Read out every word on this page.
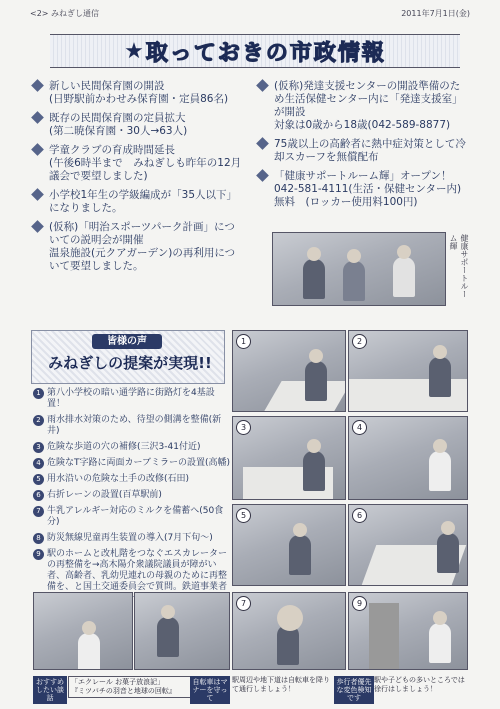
<2> みねぎし通信	2011年7月1日(金)
★ 取っておきの市政情報
新しい民間保育園の開設
(日野駅前かわせみ保育園・定員86名)
既存の民間保育園の定員拡大
(第二暁保育園・30人→63人)
学童クラブの育成時間延長
(午後6時半まで　みねぎしも昨年の12月議会で要望しました)
小学校1年生の学級編成が「35人以下」になりました。
(仮称)「明治スポーツパーク計画」についての説明会が開催
温泉施設(元クアガーデン)の再利用について要望しました。
(仮称)発達支援センターの開設準備のため生活保健センター内に「発達支援室」が開設
対象は0歳から18歳(042-589-8877)
75歳以上の高齢者に熱中症対策として冷却スカーフを無償配布
「健康サポートルーム輝」オープン！
042-581-4111(生活・保健センター内)無料　(ロッカー使用料100円)
健康サポートルーム輝
皆様の声
みねぎしの提案が実現!!
1 第八小学校の暗い通学路に街路灯を4基設置！
2 雨水排水対策のため、待望の側溝を整備(新井)
3 危険な歩道の穴の補修(三沢3-41付近)
4 危険なT字路に両面カーブミラーの設置(高幡)
5 用水沿いの危険な土手の改修(石田)
6 右折レーンの設置(百草駅前)
7 牛乳アレルギー対応のミルクを備蓄へ(50食分)
8 防災無線児童再生装置の導入(7月下旬～)
9 駅のホームと改札階をつなぐエスカレーターの再整備を→高木陽介衆議院議員が障がい者、高齢者、乳幼児連れの母親のために再整備を、と国土交通委員会で質問。鉄道事業者
1	2
3	4
5	6
7	9
おすすめしたい談話
「エクレール お菓子放浪記」
『ミツバチの羽音と地球の回転』
自転車はマナーを守って
駅周辺や地下道は自転車を降りて通行しましょう！
歩行者優先な変色検知です
駅や子どもの多いところでは徐行はしましょう！
